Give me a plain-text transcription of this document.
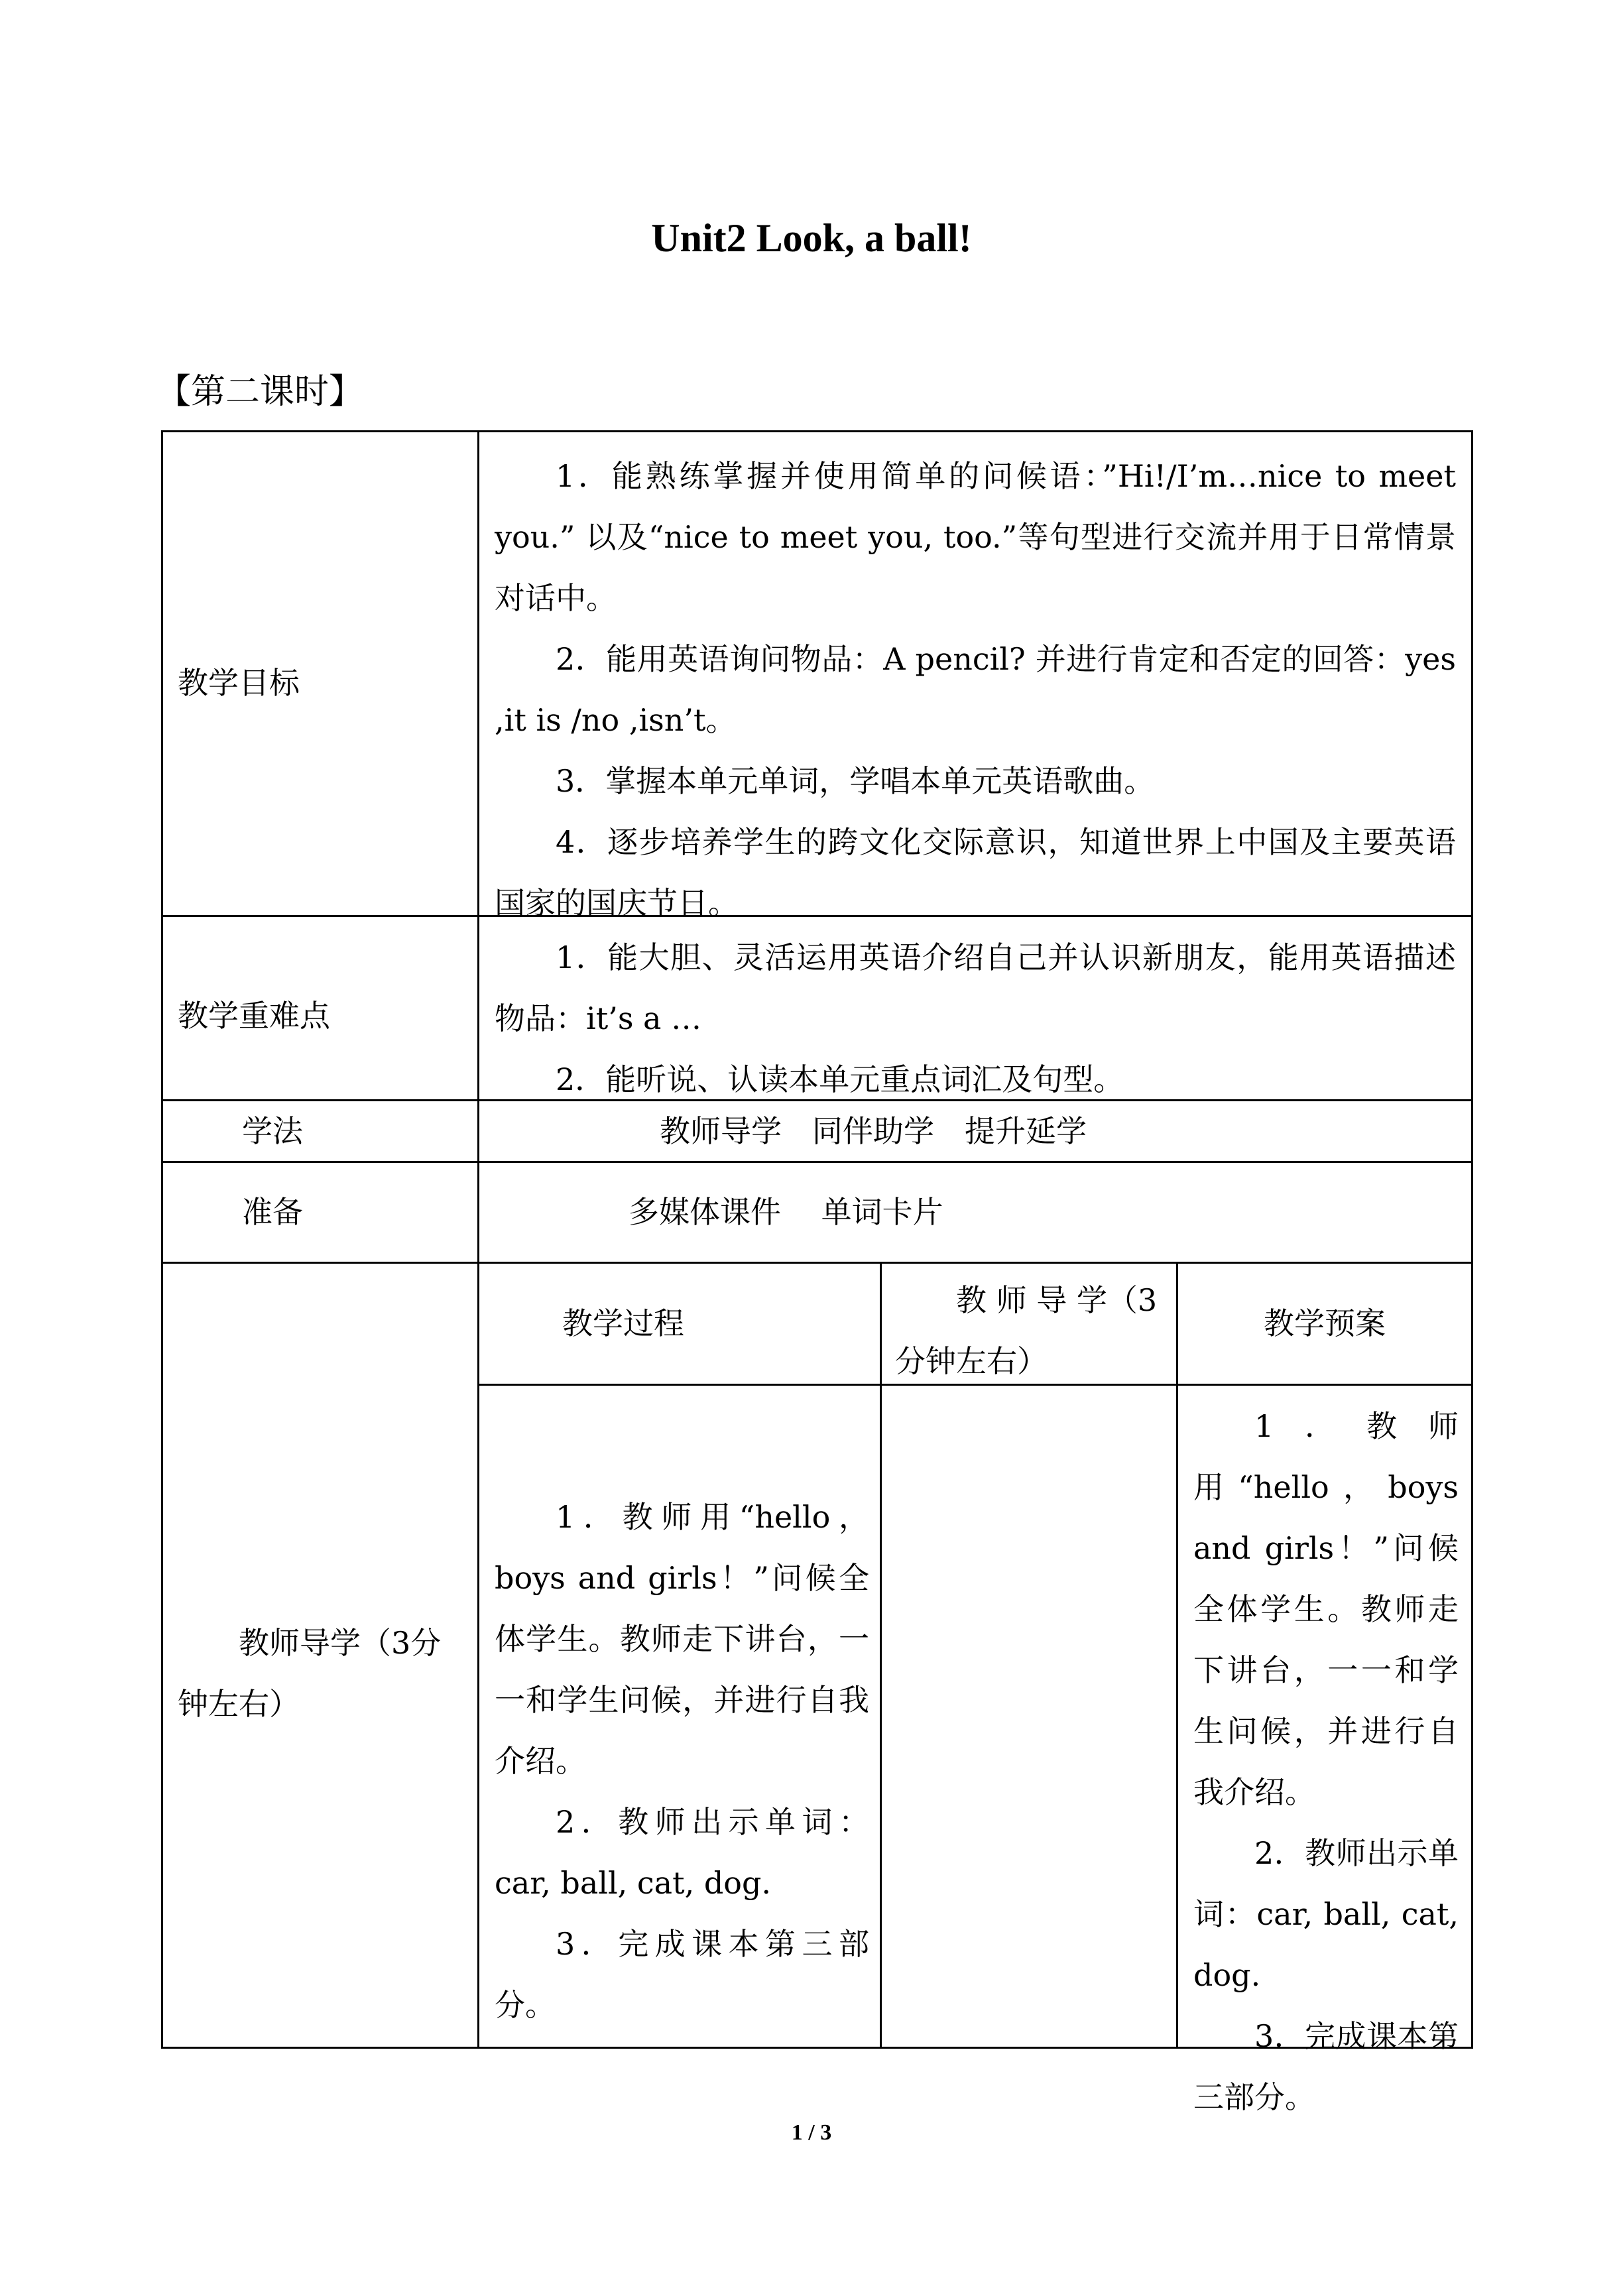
Unit2 Look, a ball!
【第二课时】
教学目标

1．能熟练掌握并使用简单的问候语：”Hi!/I’m…nice to meet you.” 以及“nice to meet you, too.”等句型进行交流并用于日常情景对话中。

2．能用英语询问物品：A pencil? 并进行肯定和否定的回答：yes ,it is /no ,isn’t。

3．掌握本单元单词，学唱本单元英语歌曲。

4．逐步培养学生的跨文化交际意识，知道世界上中国及主要英语国家的国庆节日。

教学重难点

1．能大胆、灵活运用英语介绍自己并认识新朋友，能用英语描述物品：it’s a …

2．能听说、认读本单元重点词汇及句型。

学法	教师导学　同伴助学　提升延学
准备	多媒体课件　 单词卡片
教师导学（3分钟左右）
教学过程
教 师 导 学（3分钟左右）
教学预案

1．教师用“hello，boys and girls！”问候全体学生。教师走下讲台，一一和学生问候，并进行自我介绍。

2．教师出示单词：car, ball, cat, dog.

3．完成课本第三部分。

1．教师用“hello，boys and girls！”问候全体学生。教师走下讲台，一一和学生问候，并进行自我介绍。

2．教师出示单词：car, ball, cat, dog.

3．完成课本第三部分。

1 / 3
